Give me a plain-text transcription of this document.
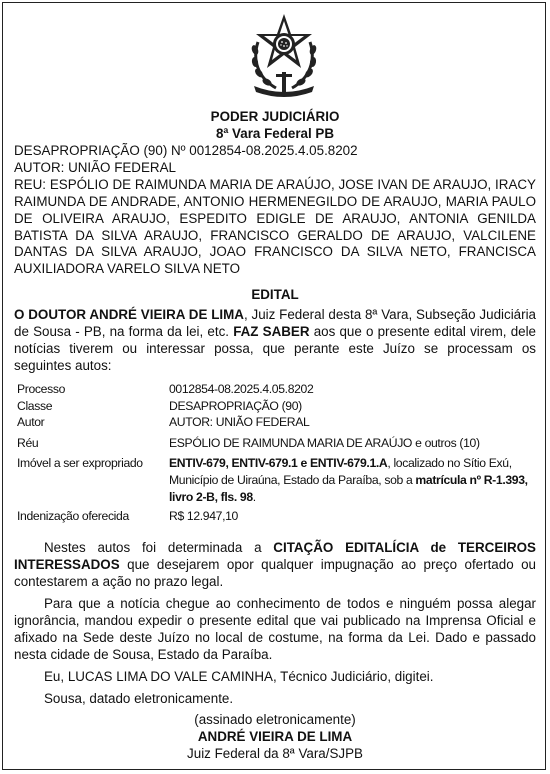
PODER JUDICIÁRIO
8ª Vara Federal PB
DESAPROPRIAÇÃO (90) Nº 0012854-08.2025.4.05.8202
AUTOR: UNIÃO FEDERAL

REU: ESPÓLIO DE RAIMUNDA MARIA DE ARAÚJO, JOSE IVAN DE ARAUJO, IRACY RAIMUNDA DE ANDRADE, ANTONIO HERMENEGILDO DE ARAUJO, MARIA PAULO DE OLIVEIRA ARAUJO, ESPEDITO EDIGLE DE ARAUJO, ANTONIA GENILDA BATISTA DA SILVA ARAUJO, FRANCISCO GERALDO DE ARAUJO, VALCILENE DANTAS DA SILVA ARAUJO, JOAO FRANCISCO DA SILVA NETO, FRANCISCA AUXILIADORA VARELO SILVA NETO

EDITAL

O DOUTOR ANDRÉ VIEIRA DE LIMA, Juiz Federal desta 8ª Vara, Subseção Judiciária de Sousa - PB, na forma da lei, etc. FAZ SABER aos que o presente edital virem, dele notícias tiverem ou interessar possa, que perante este Juízo se processam os seguintes autos:

Processo	0012854-08.2025.4.05.8202
Classe	DESAPROPRIAÇÃO (90)
Autor	AUTOR: UNIÃO FEDERAL
Réu	ESPÓLIO DE RAIMUNDA MARIA DE ARAÚJO e outros (10)
Imóvel a ser expropriado	ENTIV-679, ENTIV-679.1 e ENTIV-679.1.A, localizado no Sítio Exú, Município de Uiraúna, Estado da Paraíba, sob a matrícula nº R-1.393, livro 2-B, fls. 98.
Indenização oferecida	R$ 12.947,10

Nestes autos foi determinada a CITAÇÃO EDITALÍCIA de TERCEIROS INTERESSADOS que desejarem opor qualquer impugnação ao preço ofertado ou contestarem a ação no prazo legal.

Para que a notícia chegue ao conhecimento de todos e ninguém possa alegar ignorância, mandou expedir o presente edital que vai publicado na Imprensa Oficial e afixado na Sede deste Juízo no local de costume, na forma da Lei. Dado e passado nesta cidade de Sousa, Estado da Paraíba.

Eu, LUCAS LIMA DO VALE CAMINHA, Técnico Judiciário, digitei.

Sousa, datado eletronicamente.

(assinado eletronicamente)
ANDRÉ VIEIRA DE LIMA
Juiz Federal da 8ª Vara/SJPB
